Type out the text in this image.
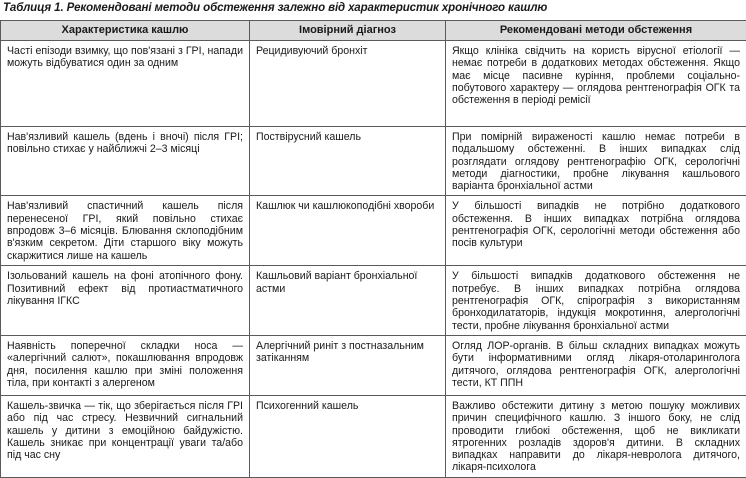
Таблиця 1. Рекомендовані методи обстеження залежно від характеристик хронічного кашлю
Характеристика кашлю	Імовірний діагноз	Рекомендовані методи обстеження
Часті епізоди взимку, що пов'язані з ГРІ, напади можуть відбуватися один за одним	Рецидивуючий бронхіт	Якщо клініка свідчить на користь вірусної етіології — немає потреби в додаткових методах обстеження. Якщо має місце пасивне куріння, проблеми соціально-побутового характеру — оглядова рентгенографія ОГК та обстеження в періоді ремісії
Нав'язливий кашель (вдень і вночі) після ГРІ; повільно стихає у найближчі 2–3 місяці	Поствірусний кашель	При помірній вираженості кашлю немає потреби в подальшому обстеженні. В інших випадках слід розглядати оглядову рентгенографію ОГК, серологічні методи діагностики, пробне лікування кашльового варіанта бронхіальної астми
Нав'язливий спастичний кашель після перенесеної ГРІ, який повільно стихає впродовж 3–6 місяців. Блювання склоподібним в'язким секретом. Діти старшого віку можуть скаржитися лише на кашель	Кашлюк чи кашлюкоподібні хвороби	У більшості випадків не потрібно додаткового обстеження. В інших випадках потрібна оглядова рентгенографія ОГК, серологічні методи обстеження або посів культури
Ізольований кашель на фоні атопічного фону. Позитивний ефект від протиастматичного лікування ІГКС	Кашльовий варіант бронхіальної астми	У більшості випадків додаткового обстеження не потребує. В інших випадках потрібна оглядова рентгенографія ОГК, спірографія з використанням бронходилататорів, індукція мокротиння, алергологічні тести, пробне лікування бронхіальної астми
Наявність поперечної складки носа — «алергічний салют», покашлювання впродовж дня, посилення кашлю при зміні положення тіла, при контакті з алергеном	Алергічний риніт з постназальним затіканням	Огляд ЛОР-органів. В більш складних випадках можуть бути інформативними огляд лікаря-отоларинголога дитячого, оглядова рентгенографія ОГК, алергологічні тести, КТ ППН
Кашель-звичка — тік, що зберігається після ГРІ або під час стресу. Незвичний сигнальний кашель у дитини з емоційною байдужістю. Кашель зникає при концентрації уваги та/або під час сну	Психогенний кашель	Важливо обстежити дитину з метою пошуку можливих причин специфічного кашлю. З іншого боку, не слід проводити глибокі обстеження, щоб не викликати ятрогенних розладів здоров'я дитини. В складних випадках направити до лікаря-невролога дитячого, лікаря-психолога
